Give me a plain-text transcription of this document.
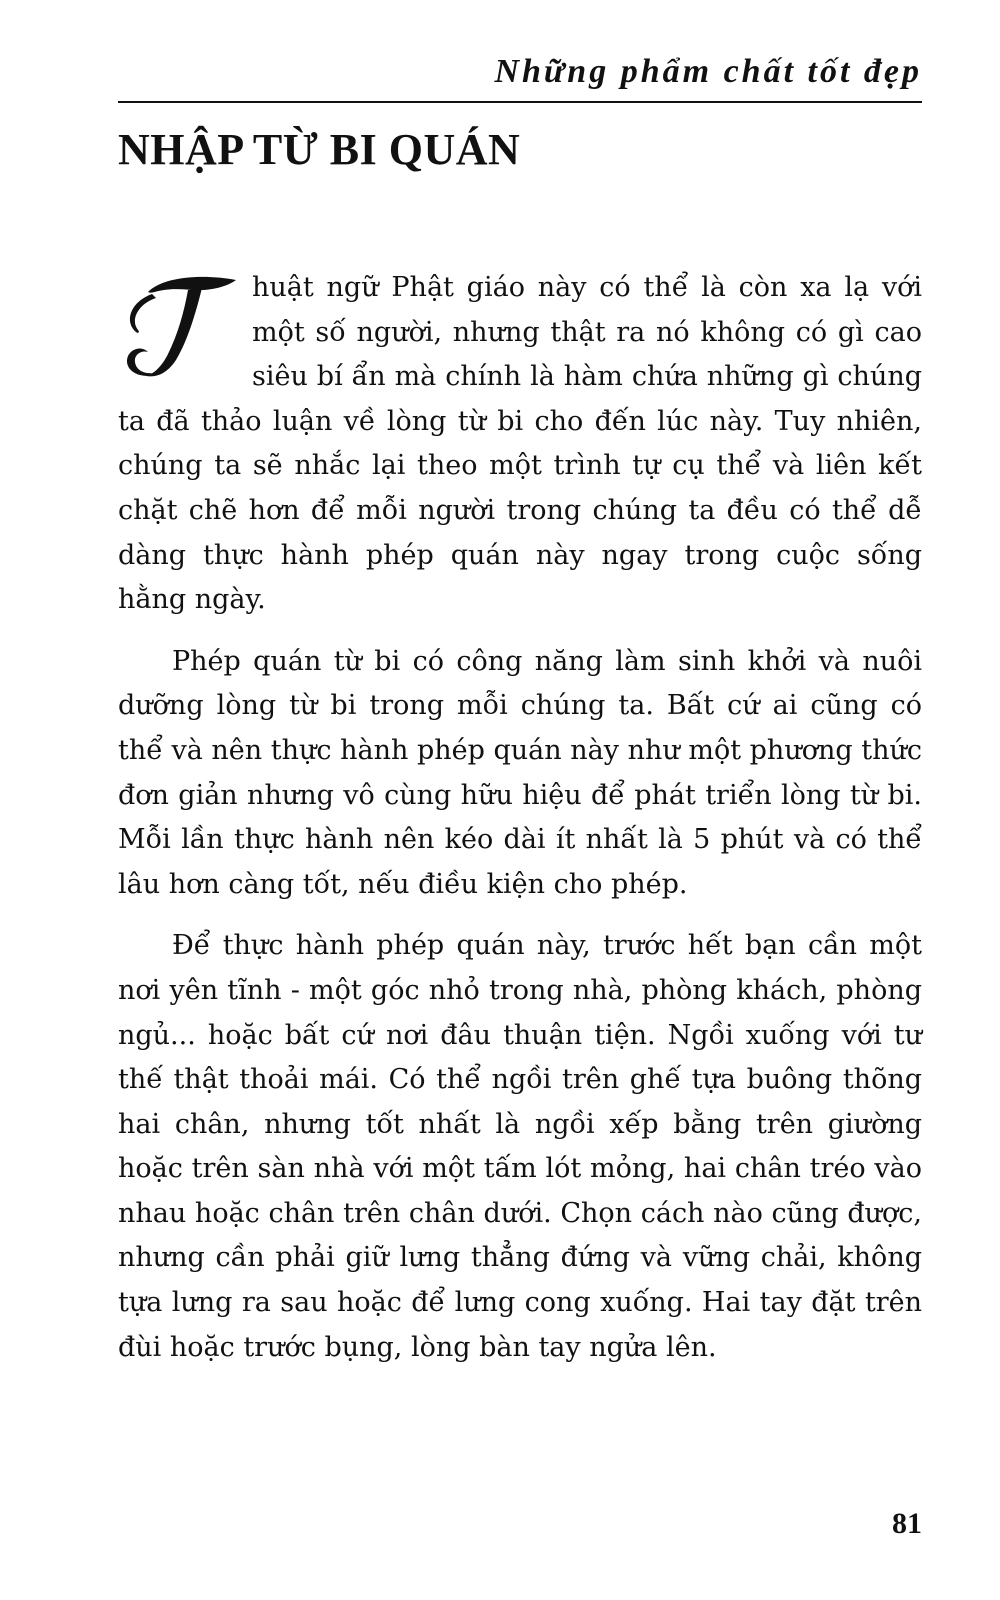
Những phẩm chất tốt đẹp
NHẬP TỪ BI QUÁN

huật ngữ Phật giáo này có thể là còn xa lạ với một số người, nhưng thật ra nó không có gì cao siêu bí ẩn mà chính là hàm chứa những gì chúng ta đã thảo luận về lòng từ bi cho đến lúc này. Tuy nhiên, chúng ta sẽ nhắc lại theo một trình tự cụ thể và liên kết chặt chẽ hơn để mỗi người trong chúng ta đều có thể dễ dàng thực hành phép quán này ngay trong cuộc sống hằng ngày.

Phép quán từ bi có công năng làm sinh khởi và nuôi dưỡng lòng từ bi trong mỗi chúng ta. Bất cứ ai cũng có thể và nên thực hành phép quán này như một phương thức đơn giản nhưng vô cùng hữu hiệu để phát triển lòng từ bi. Mỗi lần thực hành nên kéo dài ít nhất là 5 phút và có thể lâu hơn càng tốt, nếu điều kiện cho phép.

Để thực hành phép quán này, trước hết bạn cần một nơi yên tĩnh - một góc nhỏ trong nhà, phòng khách, phòng ngủ... hoặc bất cứ nơi đâu thuận tiện. Ngồi xuống với tư thế thật thoải mái. Có thể ngồi trên ghế tựa buông thõng hai chân, nhưng tốt nhất là ngồi xếp bằng trên giường hoặc trên sàn nhà với một tấm lót mỏng, hai chân tréo vào nhau hoặc chân trên chân dưới. Chọn cách nào cũng được, nhưng cần phải giữ lưng thẳng đứng và vững chải, không tựa lưng ra sau hoặc để lưng cong xuống. Hai tay đặt trên đùi hoặc trước bụng, lòng bàn tay ngửa lên.

81
